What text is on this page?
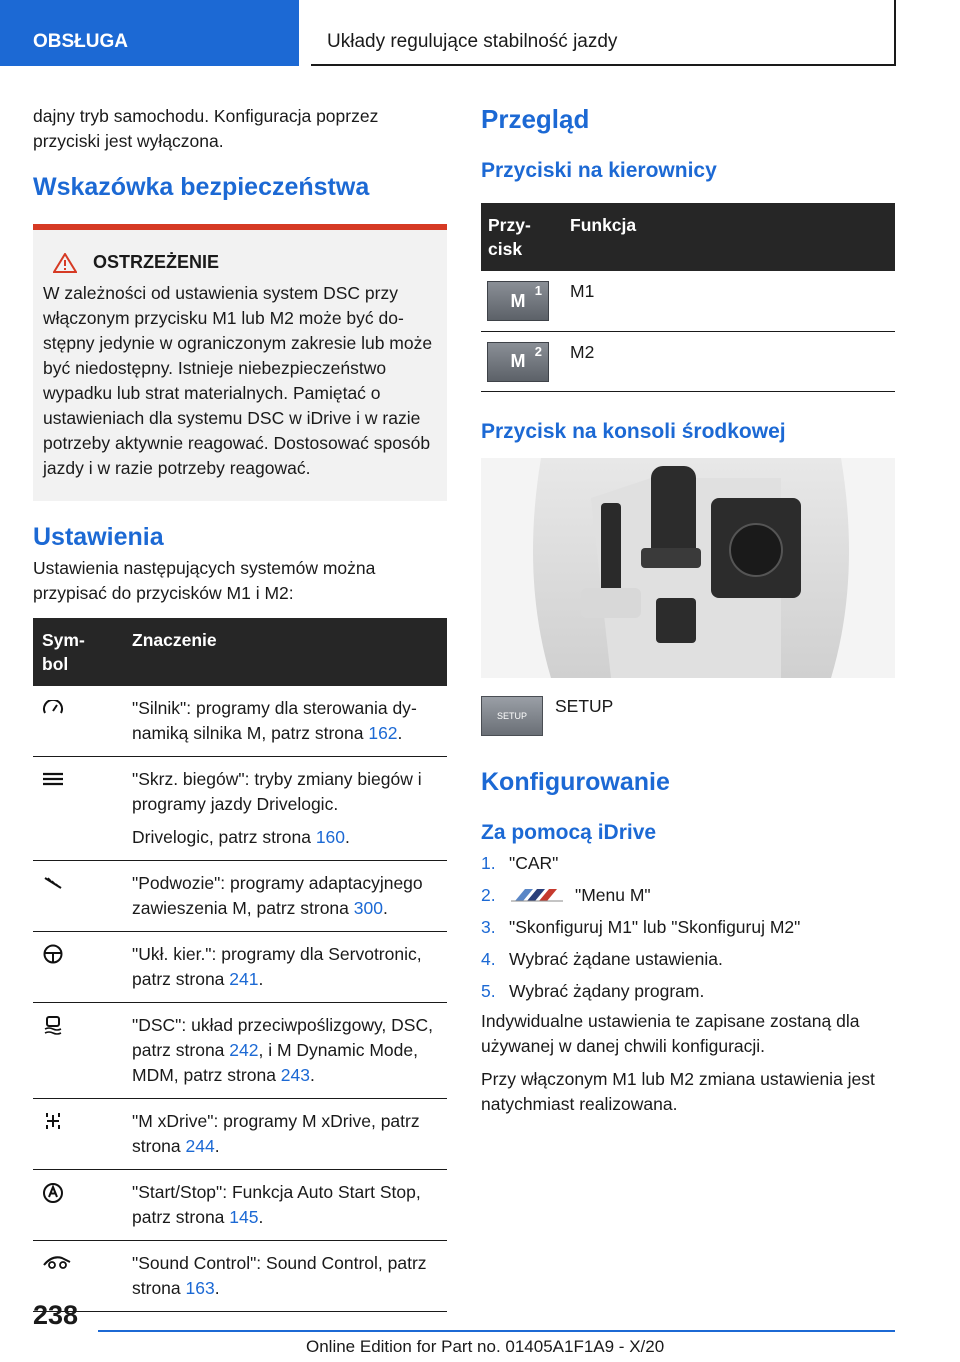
OBSŁUGA	Układy regulujące stabilność jazdy

dajny tryb samochodu. Konfiguracja poprzez przyciski jest wyłączona.

Wskazówka bezpieczeństwa
OSTRZEŻENIE
W zależności od ustawienia system DSC przy włączonym przycisku M1 lub M2 może być dostępny jedynie w ograniczonym zakresie lub może być niedostępny. Istnieje niebezpieczeństwo wypadku lub strat materialnych. Pamiętać o ustawieniach dla systemu DSC w iDrive i w razie potrzeby aktywnie reagować. Dostosować sposób jazdy i w razie potrzeby reagować.
Ustawienia

Ustawienia następujących systemów można przypisać do przycisków M1 i M2:

Sym-
bol	Znaczenie
	"Silnik": programy dla sterowania dynamiką silnika M, patrz strona 162.

"Skrz. biegów": tryby zmiany biegów i programy jazdy Drivelogic.
Drivelogic, patrz strona 160.

	"Podwozie": programy adaptacyjnego zawieszenia M, patrz strona 300.
	"Ukł. kier.": programy dla Servotronic, patrz strona 241.
	"DSC": układ przeciwpoślizgowy, DSC, patrz strona 242, i M Dynamic Mode, MDM, patrz strona 243.
	"M xDrive": programy M xDrive, patrz strona 244.
	"Start/Stop": Funkcja Auto Start Stop, patrz strona 145.
	"Sound Control": Sound Control, patrz strona 163.
Przegląd
Przyciski na kierownicy
Przy-
cisk	Funkcja

M 1	M1

M 2	M2
Przycisk na konsoli środkowej
SETUP	SETUP
Konfigurowanie
Za pomocą iDrive
1. "CAR"
2.	"Menu M"
3. "Skonfiguruj M1" lub "Skonfiguruj M2"
4. Wybrać żądane ustawienia.
5. Wybrać żądany program.

Indywidualne ustawienia te zapisane zostaną dla używanej w danej chwili konfiguracji.

Przy włączonym M1 lub M2 zmiana ustawienia jest natychmiast realizowana.

238
Online Edition for Part no. 01405A1F1A9 - X/20
